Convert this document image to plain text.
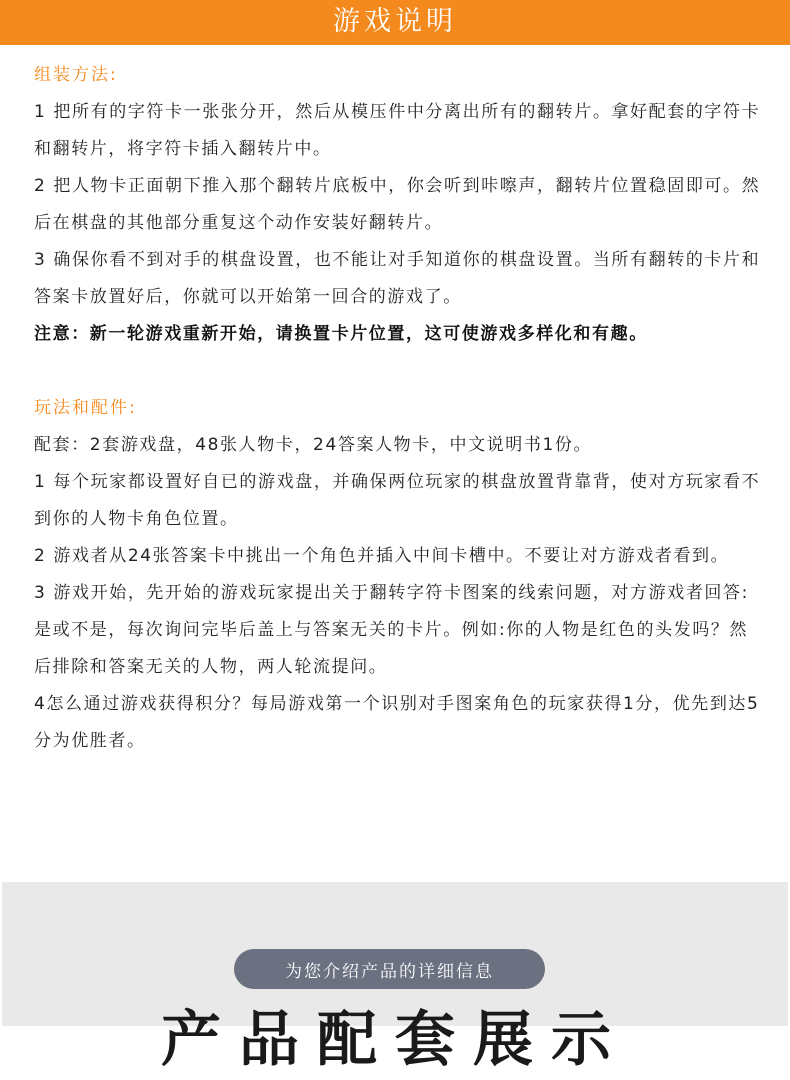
游戏说明
组装方法:

1 把所有的字符卡一张张分开，然后从模压件中分离出所有的翻转片。拿好配套的字符卡和翻转片，将字符卡插入翻转片中。

2 把人物卡正面朝下推入那个翻转片底板中，你会听到咔嚓声，翻转片位置稳固即可。然后在棋盘的其他部分重复这个动作安装好翻转片。

3 确保你看不到对手的棋盘设置，也不能让对手知道你的棋盘设置。当所有翻转的卡片和答案卡放置好后，你就可以开始第一回合的游戏了。

注意：新一轮游戏重新开始，请换置卡片位置，这可使游戏多样化和有趣。

玩法和配件:

配套：2套游戏盘，48张人物卡，24答案人物卡，中文说明书1份。

1 每个玩家都设置好自已的游戏盘，并确保两位玩家的棋盘放置背靠背，使对方玩家看不到你的人物卡角色位置。

2 游戏者从24张答案卡中挑出一个角色并插入中间卡槽中。不要让对方游戏者看到。

3 游戏开始，先开始的游戏玩家提出关于翻转字符卡图案的线索问题，对方游戏者回答:是或不是，每次询问完毕后盖上与答案无关的卡片。例如:你的人物是红色的头发吗？然后排除和答案无关的人物，两人轮流提问。

4怎么通过游戏获得积分？每局游戏第一个识别对手图案角色的玩家获得1分，优先到达5分为优胜者。

为您介绍产品的详细信息
产品配套展示
